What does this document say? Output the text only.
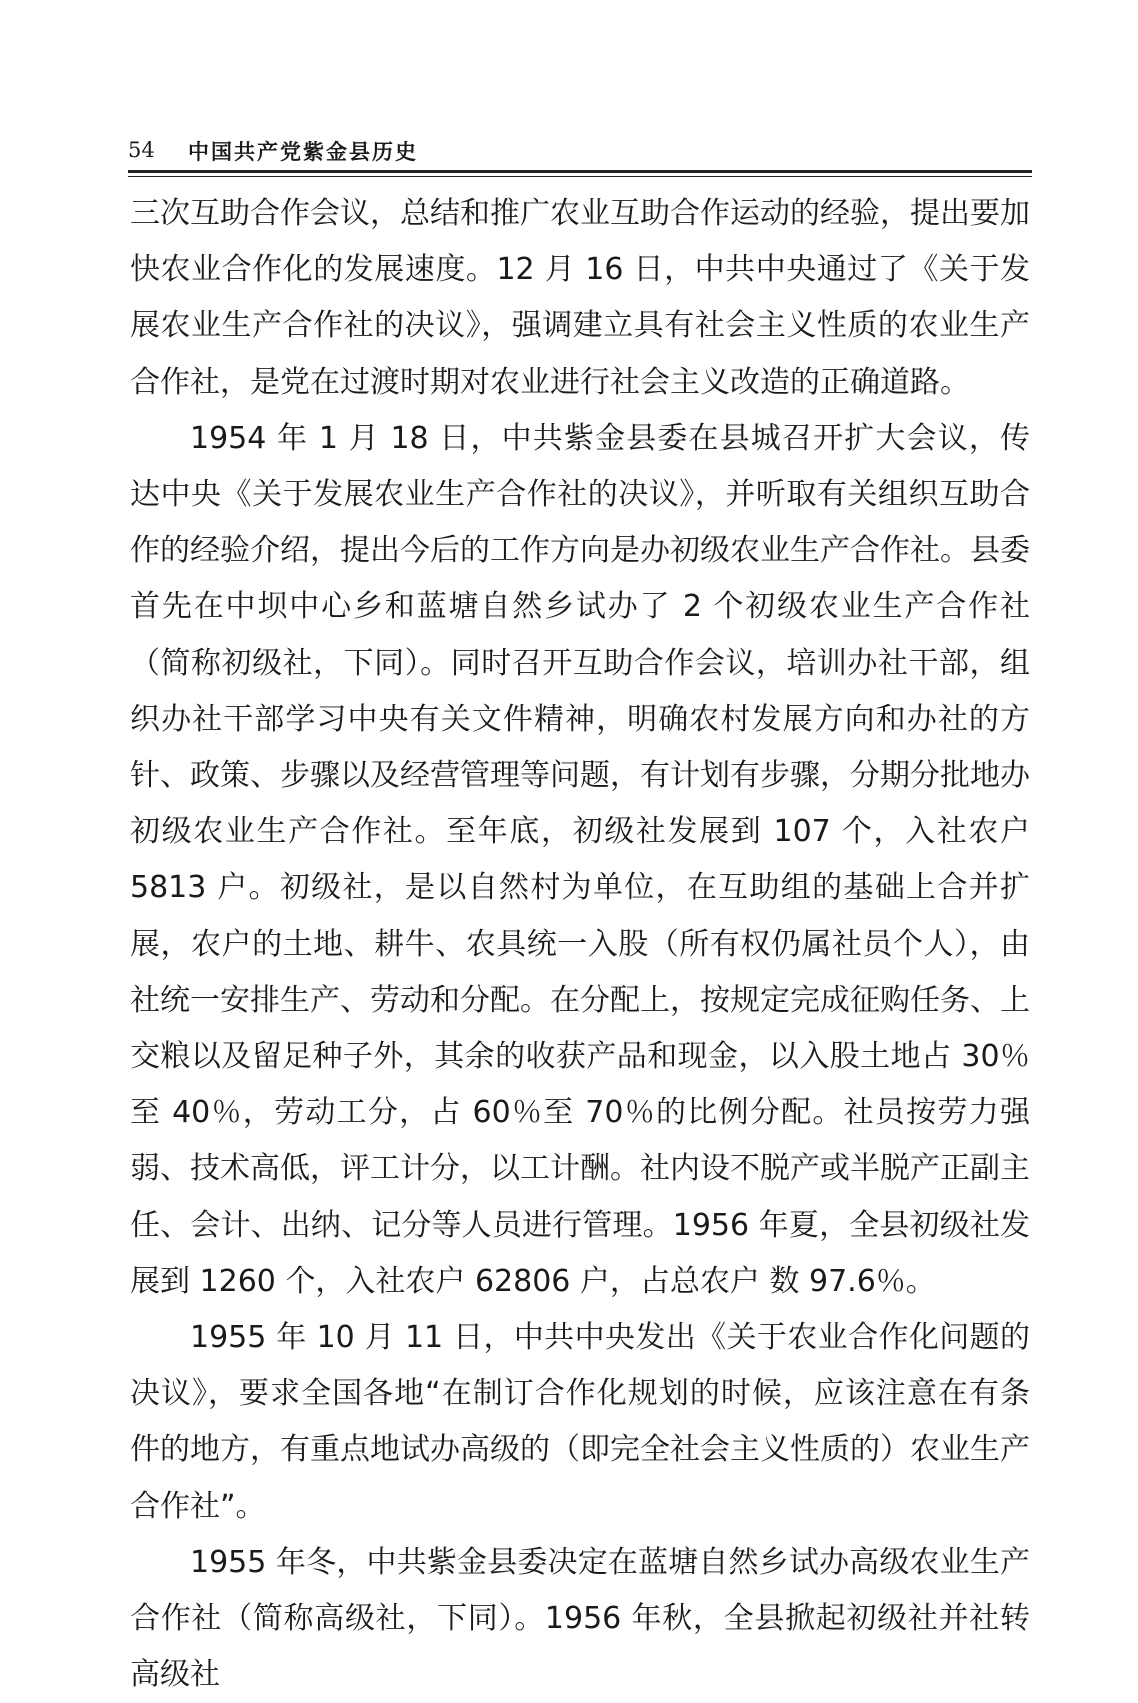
54 中国共产党紫金县历史

三次互助合作会议，总结和推广农业互助合作运动的经验，提出要加快农业合作化的发展速度。12 月 16 日，中共中央通过了《关于发展农业生产合作社的决议》，强调建立具有社会主义性质的农业生产合作社，是党在过渡时期对农业进行社会主义改造的正确道路。

1954 年 1 月 18 日，中共紫金县委在县城召开扩大会议，传达中央《关于发展农业生产合作社的决议》，并听取有关组织互助合作的经验介绍，提出今后的工作方向是办初级农业生产合作社。县委首先在中坝中心乡和蓝塘自然乡试办了 2 个初级农业生产合作社（简称初级社，下同）。同时召开互助合作会议，培训办社干部，组织办社干部学习中央有关文件精神，明确农村发展方向和办社的方针、政策、步骤以及经营管理等问题，有计划有步骤，分期分批地办初级农业生产合作社。至年底，初级社发展到 107 个，入社农户 5813 户。初级社，是以自然村为单位，在互助组的基础上合并扩展，农户的土地、耕牛、农具统一入股（所有权仍属社员个人），由社统一安排生产、劳动和分配。在分配上，按规定完成征购任务、上交粮以及留足种子外，其余的收获产品和现金，以入股土地占 30％至 40％，劳动工分，占 60％至 70％的比例分配。社员按劳力强弱、技术高低，评工计分，以工计酬。社内设不脱产或半脱产正副主任、会计、出纳、记分等人员进行管理。1956 年夏，全县初级社发展到 1260 个，入社农户 62806 户，占总农户 数 97.6％。

1955 年 10 月 11 日，中共中央发出《关于农业合作化问题的决议》，要求全国各地“在制订合作化规划的时候，应该注意在有条件的地方，有重点地试办高级的（即完全社会主义性质的）农业生产合作社”。

1955 年冬，中共紫金县委决定在蓝塘自然乡试办高级农业生产合作社（简称高级社，下同）。1956 年秋，全县掀起初级社并社转高级社
